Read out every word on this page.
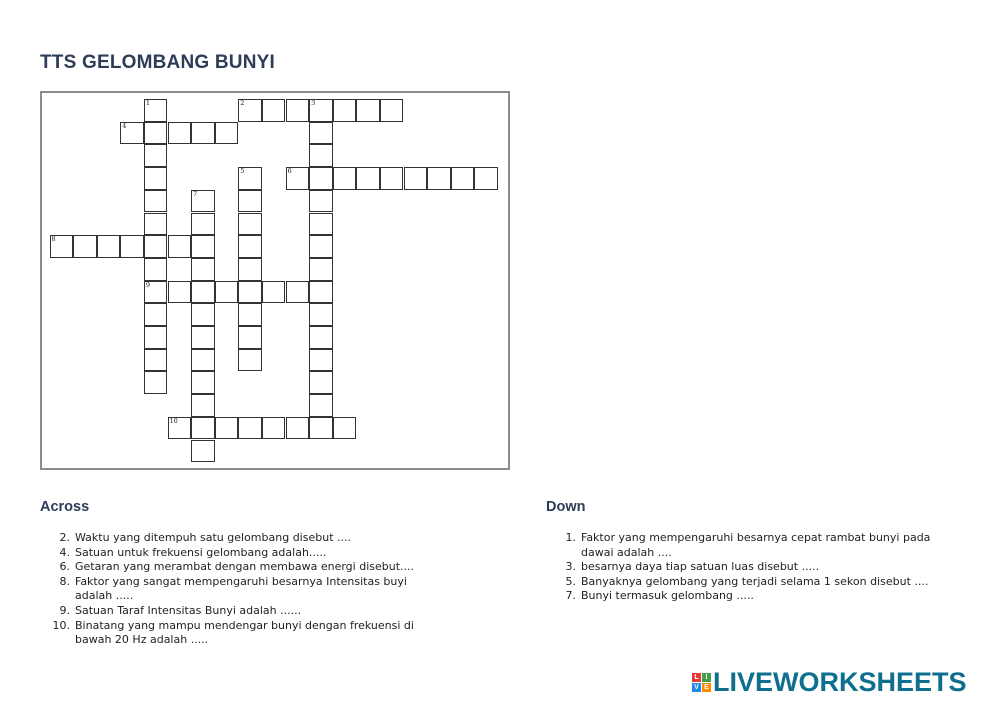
TTS GELOMBANG BUNYI
1	2	3
4
5	6
7
8
9
10
Across
2. Waktu yang ditempuh satu gelombang disebut ....
4. Satuan untuk frekuensi gelombang adalah.....
6. Getaran yang merambat dengan membawa energi disebut....
8. Faktor yang sangat mempengaruhi besarnya Intensitas buyi adalah .....
9. Satuan Taraf Intensitas Bunyi adalah ......
10. Binatang yang mampu mendengar bunyi dengan frekuensi di bawah 20 Hz adalah .....
Down
1. Faktor yang mempengaruhi besarnya cepat rambat bunyi pada dawai adalah ....
3. besarnya daya tiap satuan luas disebut .....
5. Banyaknya gelombang yang terjadi selama 1 sekon disebut ....
7. Bunyi termasuk gelombang .....
L I
V E LIVEWORKSHEETS
